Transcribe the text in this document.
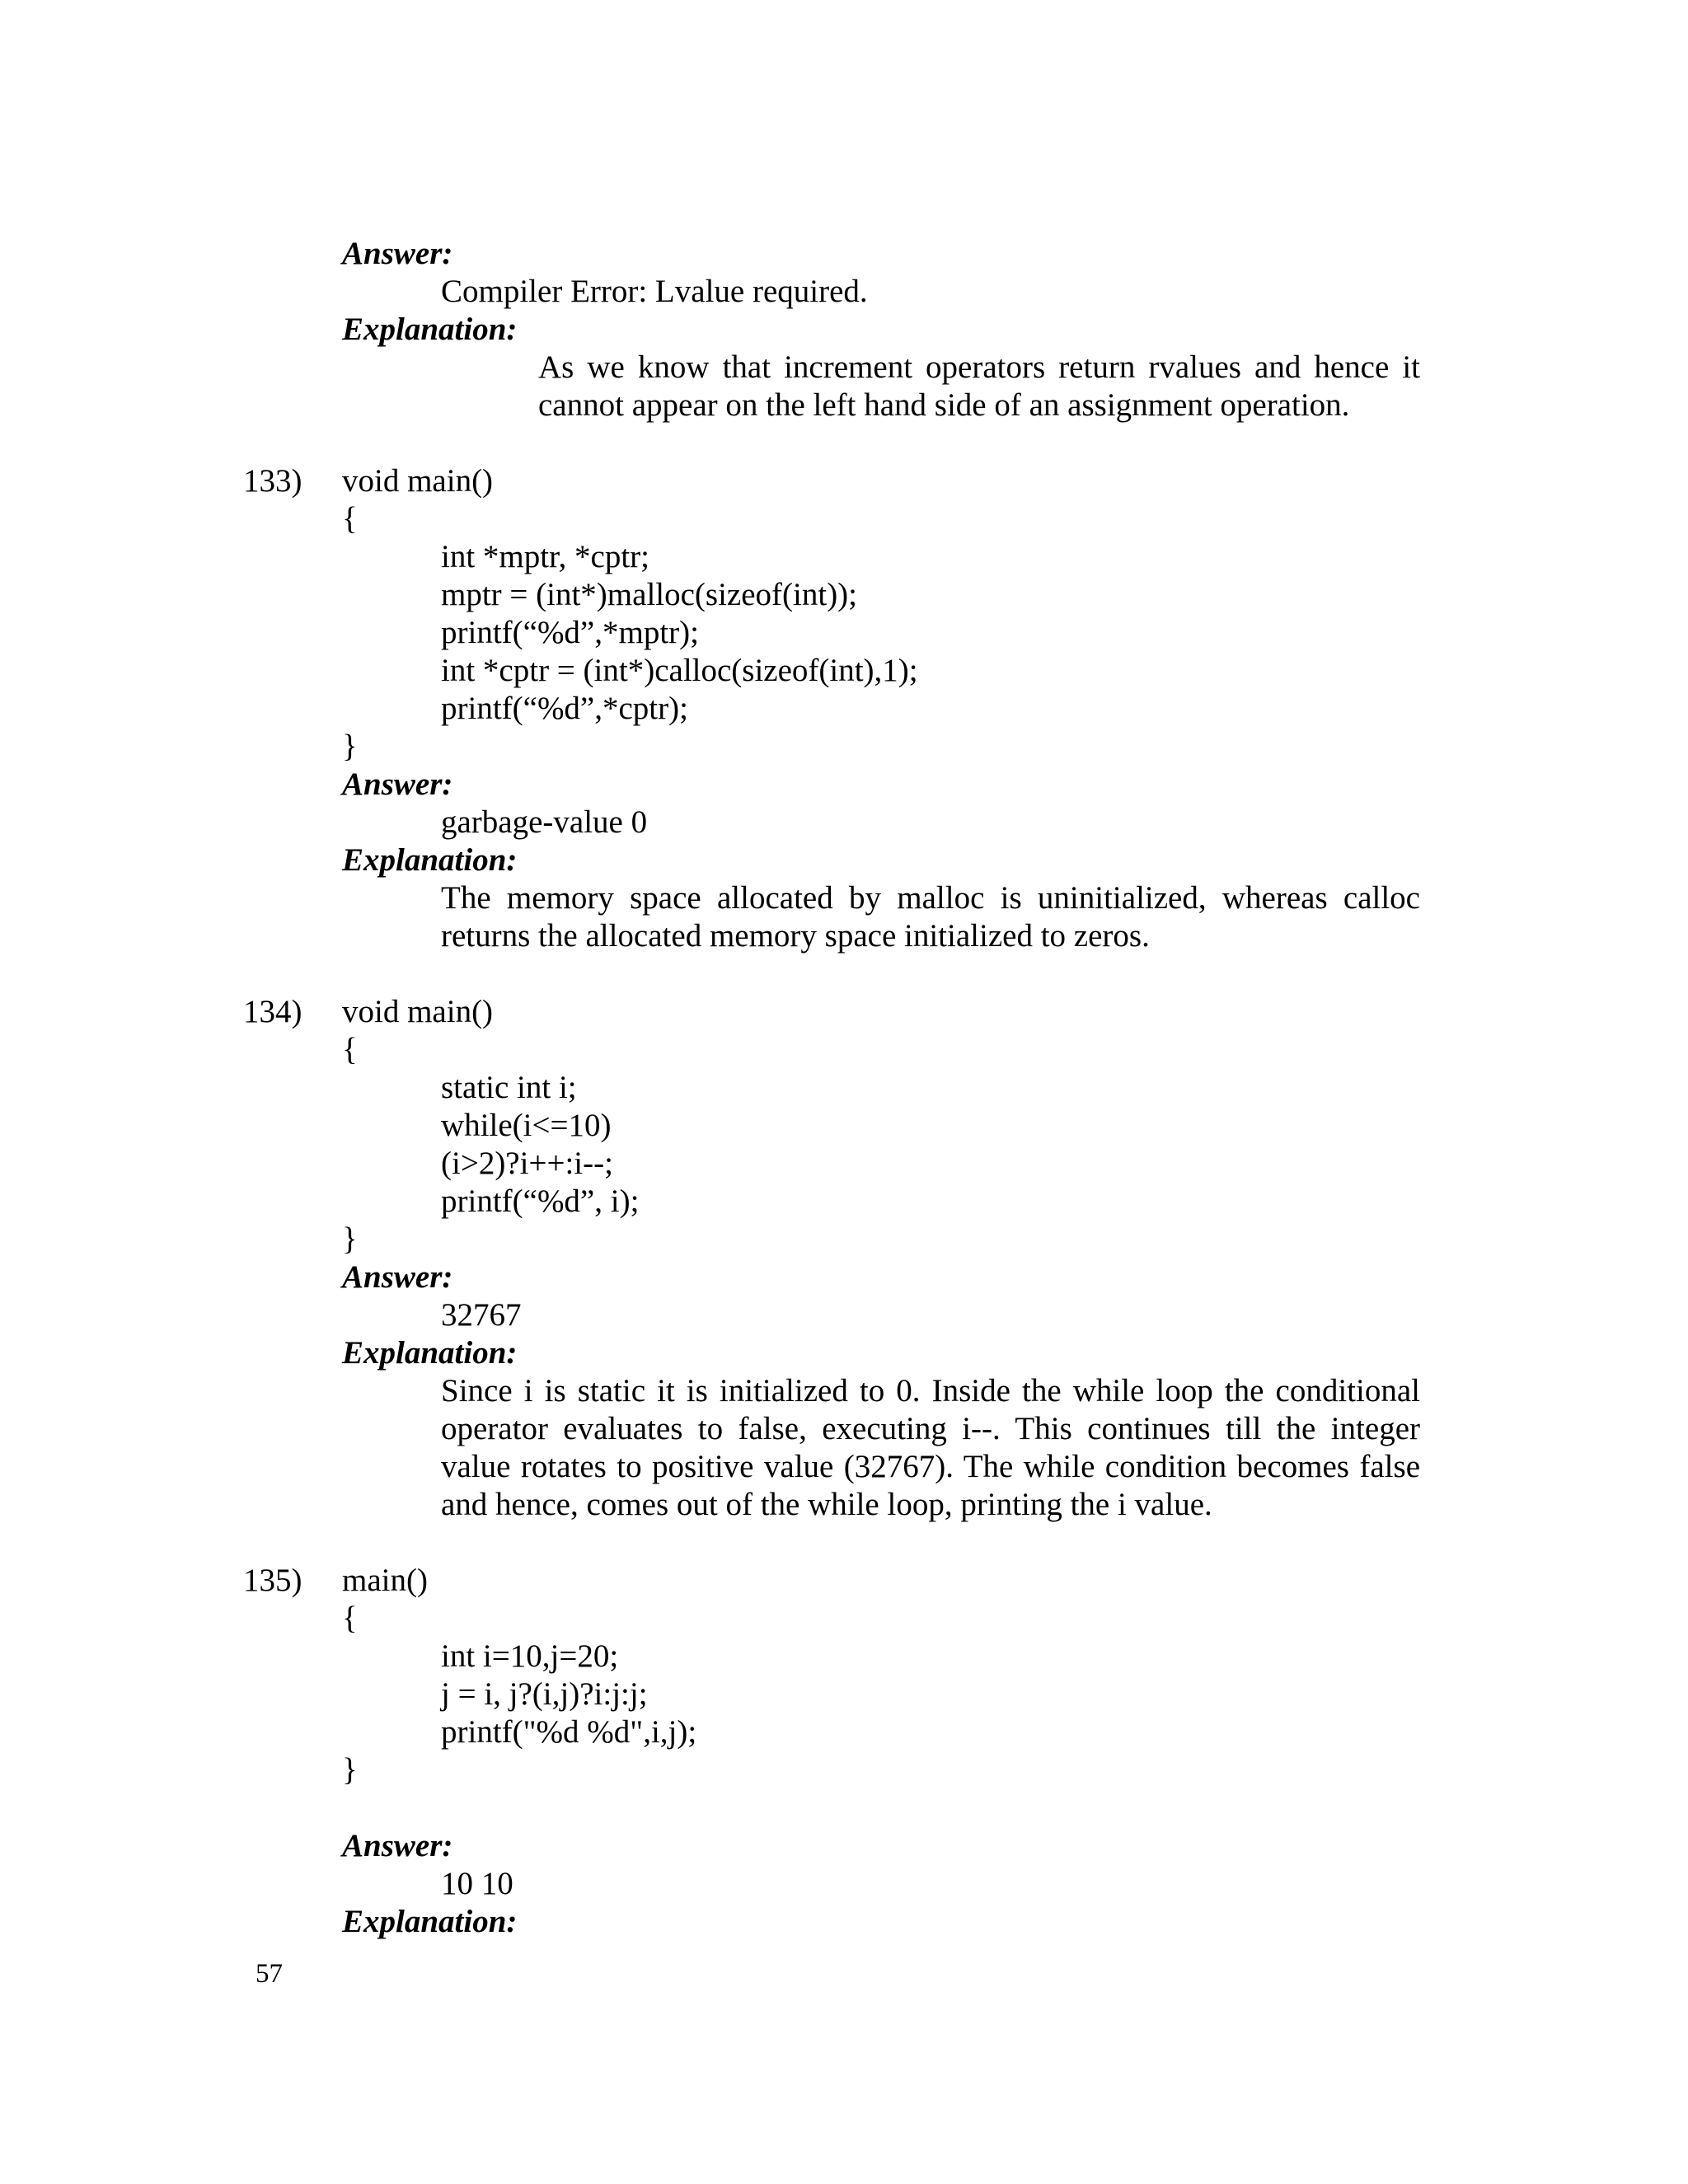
Answer:
Compiler Error: Lvalue required.
Explanation:
As we know that increment operators return rvalues and hence it cannot appear on the left hand side of an assignment operation.
133) void main()
{
int *mptr, *cptr;
mptr = (int*)malloc(sizeof(int));
printf(“%d”,*mptr);
int *cptr = (int*)calloc(sizeof(int),1);
printf(“%d”,*cptr);
}
Answer:
garbage-value 0
Explanation:
The memory space allocated by malloc is uninitialized, whereas calloc returns the allocated memory space initialized to zeros.
134) void main()
{
static int i;
while(i<=10)
(i>2)?i++:i--;
printf(“%d”, i);
}
Answer:
32767
Explanation:
Since i is static it is initialized to 0. Inside the while loop the conditional operator evaluates to false, executing i--. This continues till the integer value rotates to positive value (32767). The while condition becomes false and hence, comes out of the while loop, printing the i value.
135) main()
{
int i=10,j=20;
j = i, j?(i,j)?i:j:j;
printf("%d %d",i,j);
}
Answer:
10 10
Explanation:
57
